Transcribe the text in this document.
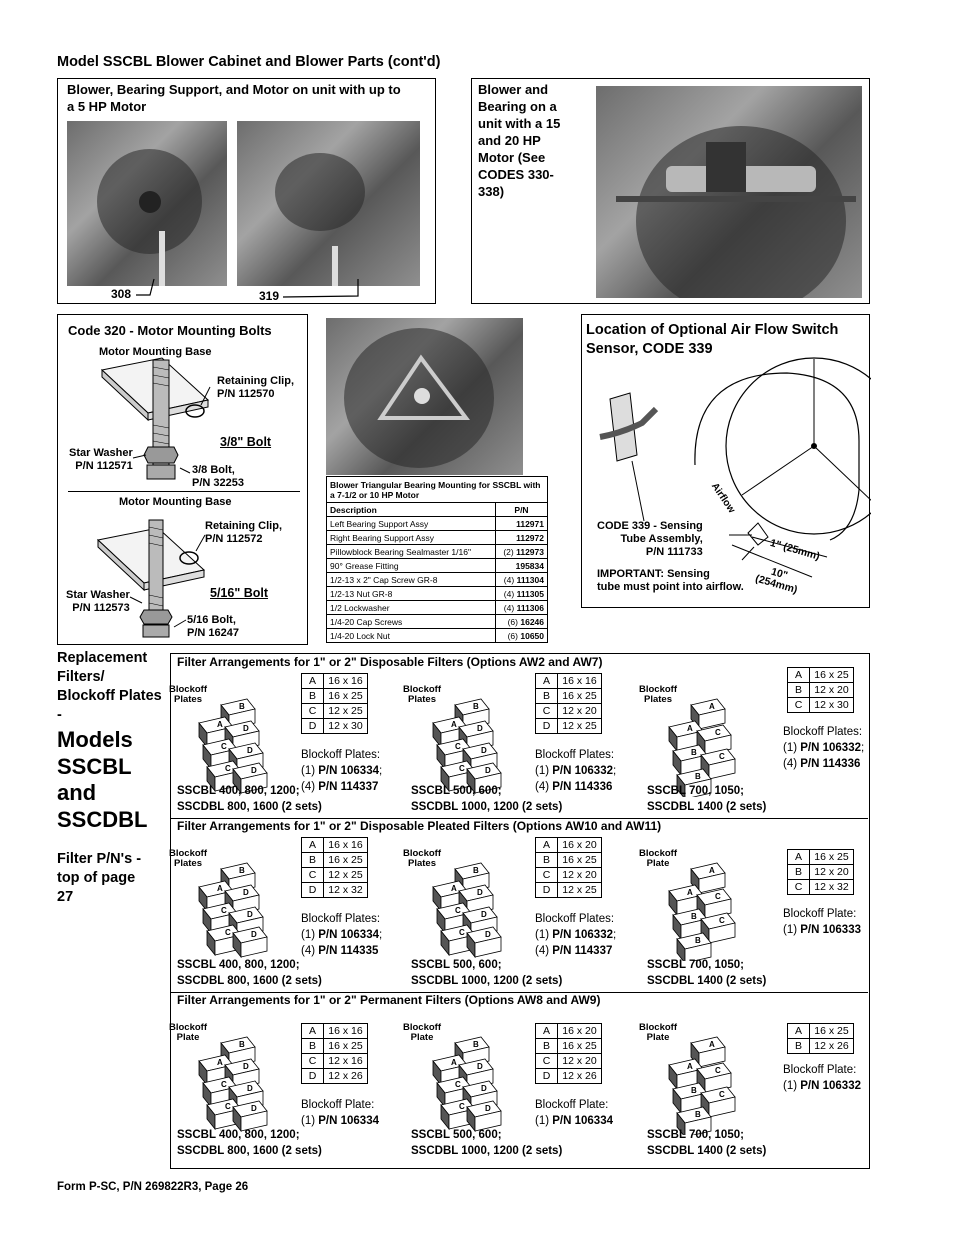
Model SSCBL Blower Cabinet and Blower Parts (cont'd)
Blower, Bearing Support, and Motor on unit with up to a 5 HP Motor
308	319
Blower and Bearing on a unit with a 15 and 20 HP Motor (See CODES 330-338)
Code 320 - Motor Mounting Bolts
Motor Mounting Base
Retaining Clip,
P/N 112570
3/8" Bolt
Star Washer
P/N 112571	3/8 Bolt,
P/N 32253
Motor Mounting Base
Retaining Clip,
P/N 112572
5/16" Bolt
Star Washer
P/N 112573
5/16 Bolt,
P/N 16247
Blower Triangular Bearing Mounting for SSCBL with a 7-1/2 or 10 HP Motor	
Description	P/N
Left Bearing Support Assy	112971
Right Bearing Support Assy	112972
Pillowblock Bearing Sealmaster 1/16"	(2) 112973
90° Grease Fitting	195834
1/2-13 x 2" Cap Screw GR-8	(4) 111304
1/2-13 Nut GR-8	(4) 111305
1/2 Lockwasher	(4) 111306
1/4-20 Cap Screws	(6) 16246
1/4-20 Lock Nut	(6) 10650
Location of Optional Air Flow Switch Sensor, CODE 339
Airflow
CODE 339 - Sensing
Tube Assembly,
P/N 111733	1" (25mm)
10"
(254mm)
IMPORTANT: Sensing
tube must point into airflow.
Replacement Filters/ Blockoff Plates -
Models SSCBL and SSCDBL
Filter P/N's - top of page 27
Filter Arrangements for 1" or 2" Disposable Filters (Options AW2 and AW7)
Blockoff
Plates
B
A	D
C	D
C	D
A	16 x 16
B	16 x 25
C	12 x 25
D	12 x 30
Blockoff Plates:
(1) P/N 106334;
(4) P/N 114337
SSCBL 400, 800, 1200;
SSCDBL 800, 1600 (2 sets)
Blockoff
Plates
B
A	D
C	D
C	D
A	16 x 16
B	16 x 25
C	12 x 20
D	12 x 25
Blockoff Plates:
(1) P/N 106332;
(4) P/N 114336
SSCBL 500, 600;
SSCDBL 1000, 1200 (2 sets)
Blockoff
Plates
A
A	C
B	C
B
A	16 x 25
B	12 x 20
C	12 x 30
Blockoff Plates:
(1) P/N 106332;
(4) P/N 114336
SSCBL 700, 1050;
SSCDBL 1400 (2 sets)
Filter Arrangements for 1" or 2" Disposable Pleated Filters (Options AW10 and AW11)
Blockoff
Plates
B
A	D
C	D
C	D
A	16 x 16
B	16 x 25
C	12 x 25
D	12 x 32
Blockoff Plates:
(1) P/N 106334;
(4) P/N 114335
SSCBL 400, 800, 1200;
SSCDBL 800, 1600 (2 sets)
Blockoff
Plates
B
A	D
C	D
C	D
A	16 x 20
B	16 x 25
C	12 x 20
D	12 x 25
Blockoff Plates:
(1) P/N 106332;
(4) P/N 114337
SSCBL 500, 600;
SSCDBL 1000, 1200 (2 sets)
Blockoff
Plate
A
A	C
B	C
B
A	16 x 25
B	12 x 20
C	12 x 32
Blockoff Plate:
(1) P/N 106333
SSCBL 700, 1050;
SSCDBL 1400 (2 sets)
Filter Arrangements for 1" or 2" Permanent Filters (Options AW8 and AW9)
Blockoff
Plate
B
A	D
C	D
C	D
A	16 x 16
B	16 x 25
C	12 x 16
D	12 x 26
Blockoff Plate:
(1) P/N 106334
SSCBL 400, 800, 1200;
SSCDBL 800, 1600 (2 sets)
Blockoff
Plate
B
A	D
C	D
C	D
A	16 x 20
B	16 x 25
C	12 x 20
D	12 x 26
Blockoff Plate:
(1) P/N 106334
SSCBL 500, 600;
SSCDBL 1000, 1200 (2 sets)
Blockoff
Plate
A
A	C
B	C
B
A	16 x 25
B	12 x 26
Blockoff Plate:
(1) P/N 106332
SSCBL 700, 1050;
SSCDBL 1400 (2 sets)
Form P-SC, P/N 269822R3, Page 26
